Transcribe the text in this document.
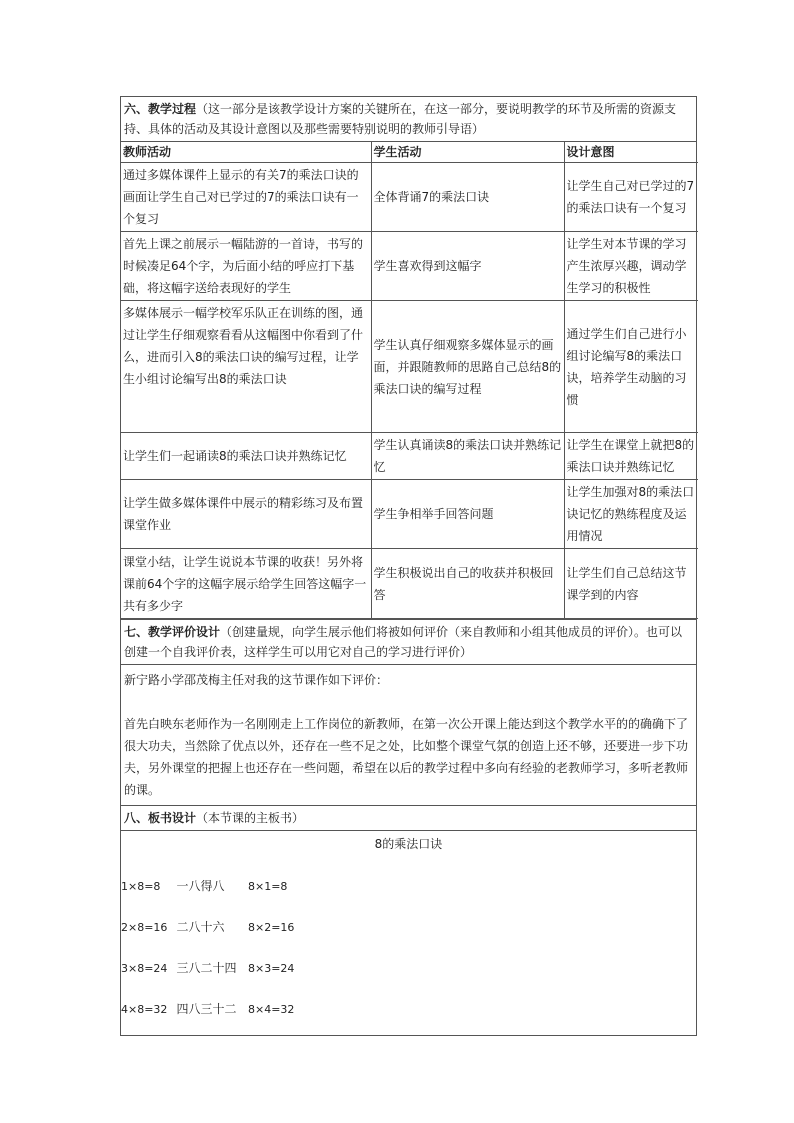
六、教学过程（这一部分是该教学设计方案的关键所在，在这一部分，要说明教学的环节及所需的资源支持、具体的活动及其设计意图以及那些需要特别说明的教师引导语）
教师活动	学生活动	设计意图
通过多媒体课件上显示的有关7的乘法口诀的画面让学生自己对已学过的7的乘法口诀有一个复习	全体背诵7的乘法口诀	让学生自己对已学过的7的乘法口诀有一个复习
首先上课之前展示一幅陆游的一首诗，书写的时候凑足64个字，为后面小结的呼应打下基础，将这幅字送给表现好的学生	学生喜欢得到这幅字	让学生对本节课的学习产生浓厚兴趣，调动学生学习的积极性
多媒体展示一幅学校军乐队正在训练的图，通过让学生仔细观察看看从这幅图中你看到了什么，进而引入8的乘法口诀的编写过程，让学生小组讨论编写出8的乘法口诀	学生认真仔细观察多媒体显示的画面，并跟随教师的思路自己总结8的乘法口诀的编写过程	通过学生们自己进行小组讨论编写8的乘法口诀，培养学生动脑的习惯
让学生们一起诵读8的乘法口诀并熟练记忆	学生认真诵读8的乘法口诀并熟练记忆	让学生在课堂上就把8的乘法口诀并熟练记忆
让学生做多媒体课件中展示的精彩练习及布置课堂作业	学生争相举手回答问题	让学生加强对8的乘法口诀记忆的熟练程度及运用情况
课堂小结，让学生说说本节课的收获！另外将课前64个字的这幅字展示给学生回答这幅字一共有多少字	学生积极说出自己的收获并积极回答	让学生们自己总结这节课学到的内容
七、教学评价设计（创建量规，向学生展示他们将被如何评价（来自教师和小组其他成员的评价）。也可以创建一个自我评价表，这样学生可以用它对自己的学习进行评价）

新宁路小学邵茂梅主任对我的这节课作如下评价：

首先白映东老师作为一名刚刚走上工作岗位的新教师，在第一次公开课上能达到这个教学水平的的确确下了很大功夫，当然除了优点以外，还存在一些不足之处，比如整个课堂气氛的创造上还不够，还要进一步下功夫，另外课堂的把握上也还存在一些问题，希望在以后的教学过程中多向有经验的老教师学习，多听老教师的课。

八、板书设计（本节课的主板书）
8的乘法口诀
1×8=8 一八得八 8×1=8
2×8=16 二八十六 8×2=16
3×8=24 三八二十四 8×3=24
4×8=32 四八三十二 8×4=32
